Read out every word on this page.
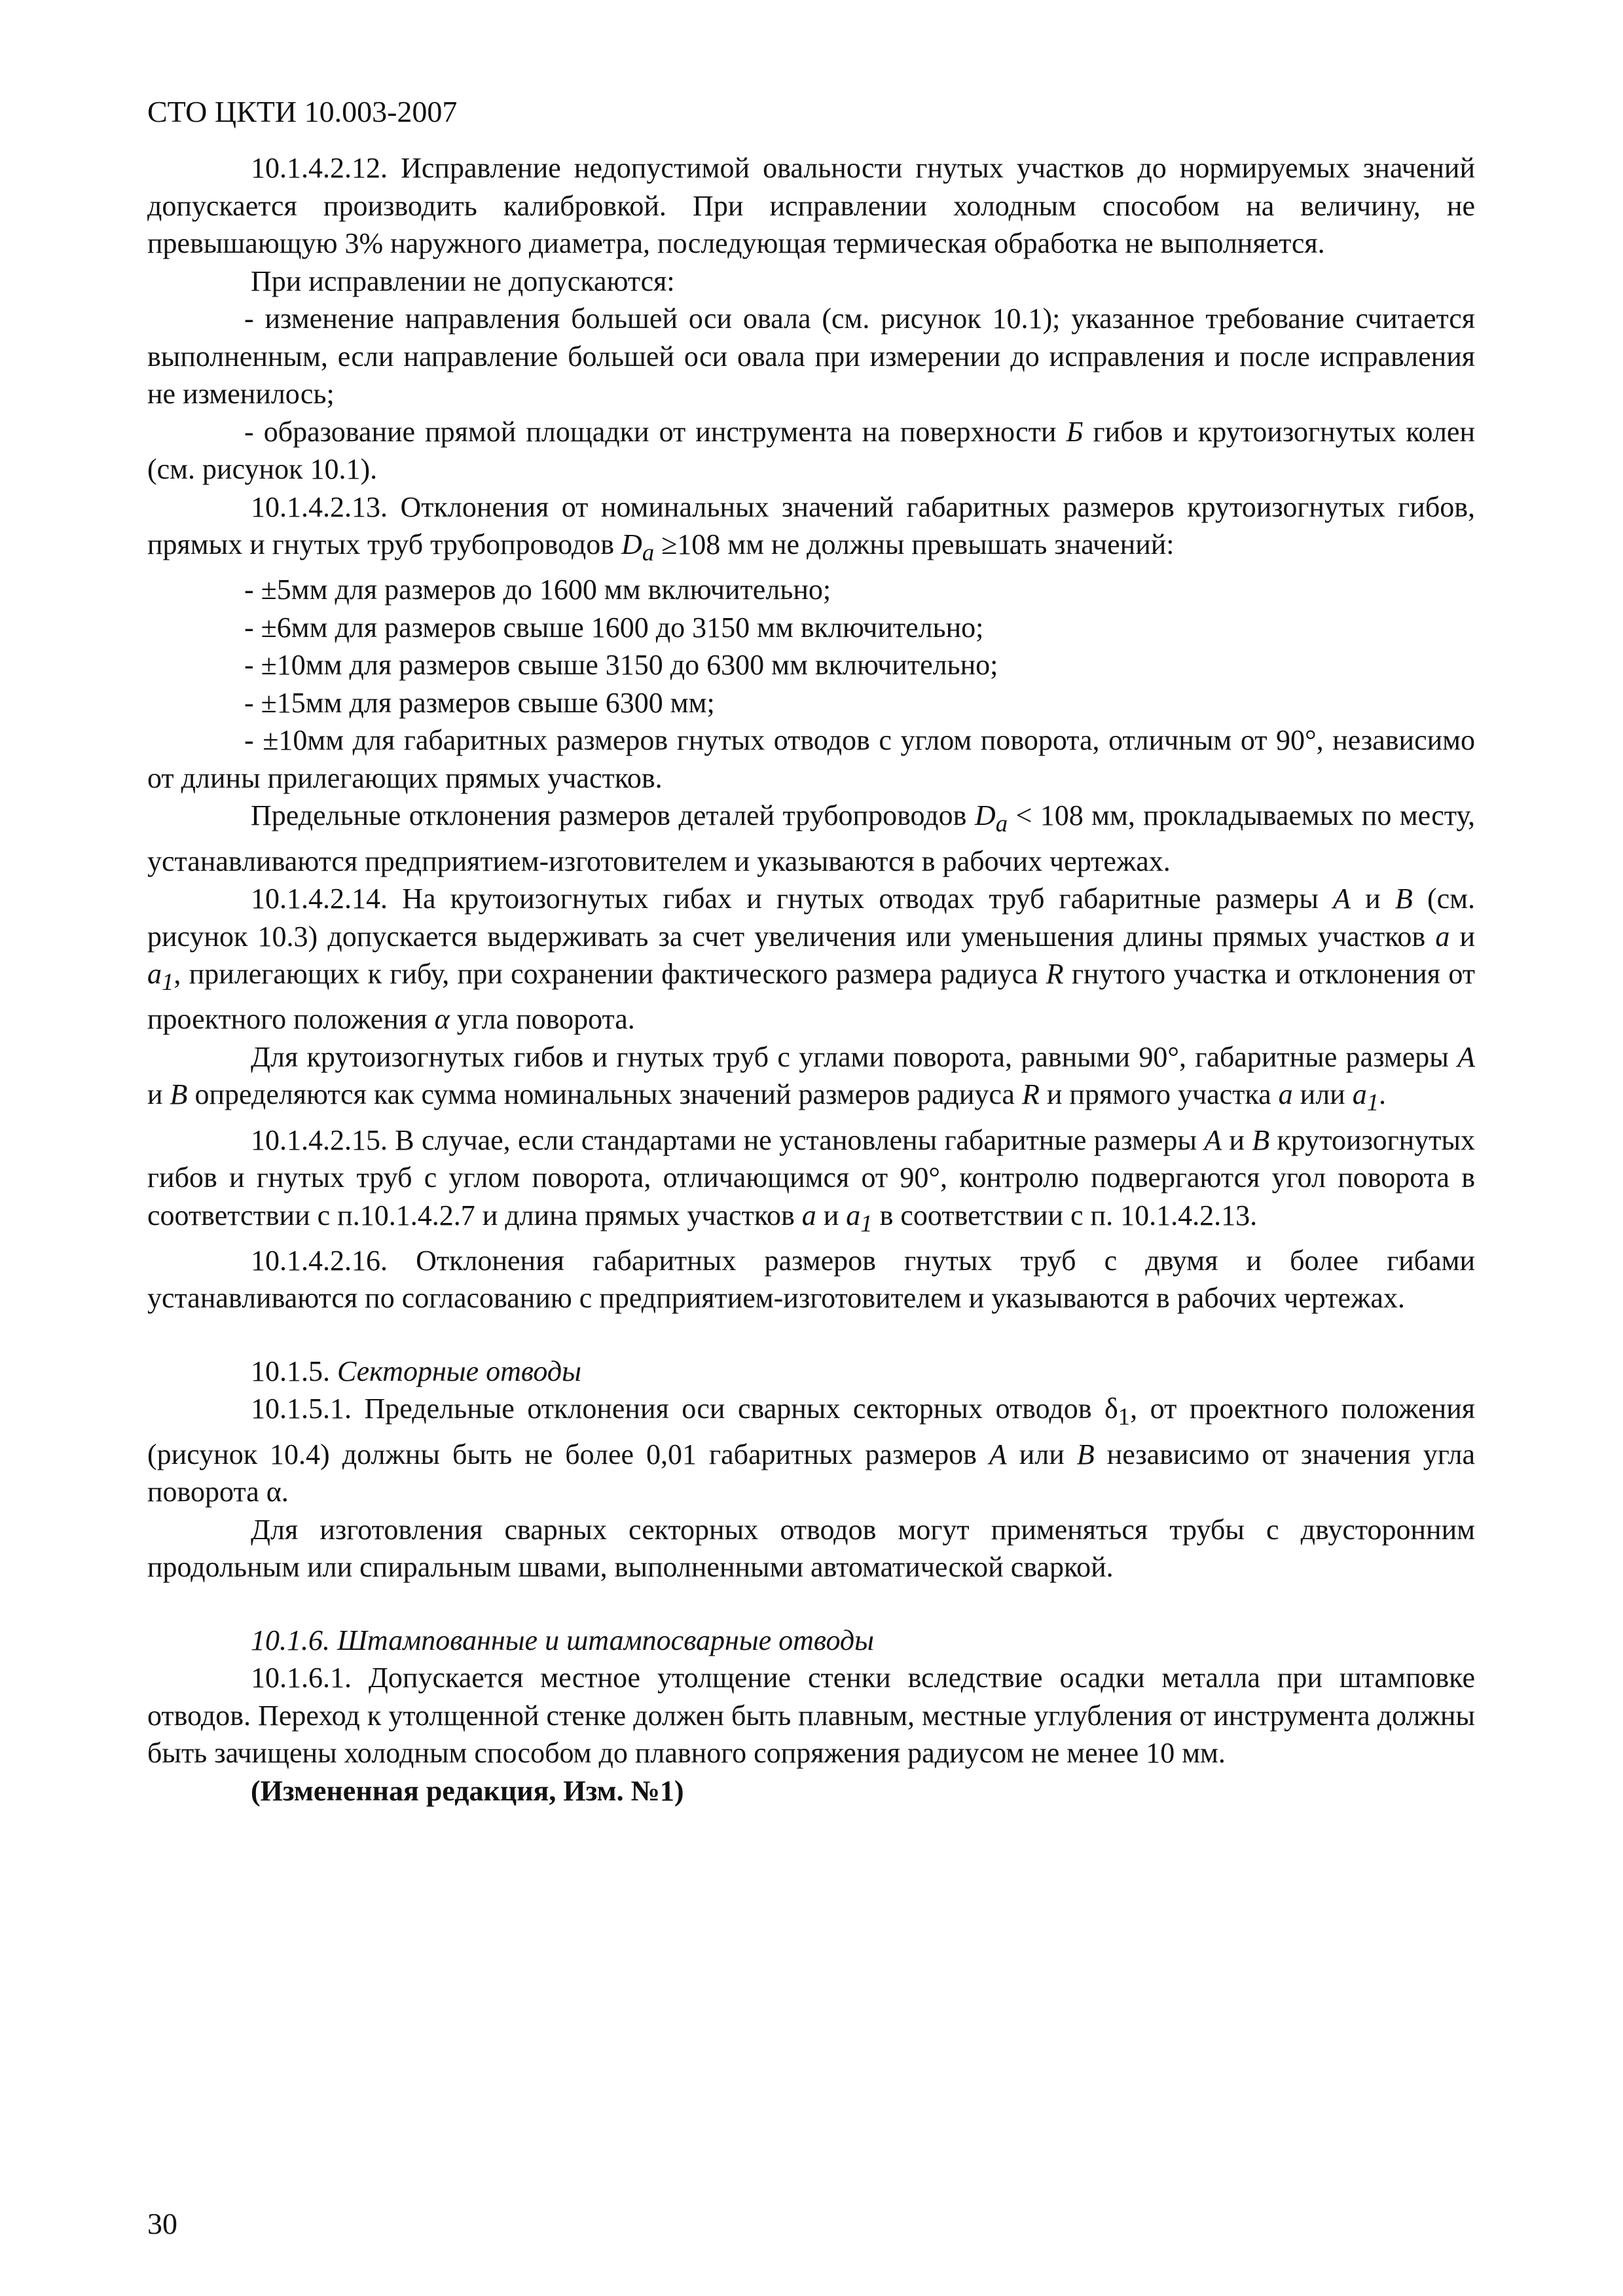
СТО ЦКТИ 10.003-2007

10.1.4.2.12. Исправление недопустимой овальности гнутых участков до нормируемых значений допускается производить калибровкой. При исправлении холодным способом на величину, не превышающую 3% наружного диаметра, последующая термическая обработка не выполняется.

При исправлении не допускаются:

- изменение направления большей оси овала (см. рисунок 10.1); указанное требование считается выполненным, если направление большей оси овала при измерении до исправления и после исправления не изменилось;

- образование прямой площадки от инструмента на поверхности Б гибов и крутоизогнутых колен (см. рисунок 10.1).

10.1.4.2.13. Отклонения от номинальных значений габаритных размеров крутоизогнутых гибов, прямых и гнутых труб трубопроводов $D_a \ge 108$ мм не должны превышать значений:

- ±5мм для размеров до 1600 мм включительно;

- ±6мм для размеров свыше 1600 до 3150 мм включительно;

- ±10мм для размеров свыше 3150 до 6300 мм включительно;

- ±15мм для размеров свыше 6300 мм;

- ±10мм для габаритных размеров гнутых отводов с углом поворота, отличным от 90°, независимо от длины прилегающих прямых участков.

Предельные отклонения размеров деталей трубопроводов $D_a < 108$ мм, прокладываемых по месту, устанавливаются предприятием-изготовителем и указываются в рабочих чертежах.

10.1.4.2.14. На крутоизогнутых гибах и гнутых отводах труб габаритные размеры А и В (см. рисунок 10.3) допускается выдерживать за счет увеличения или уменьшения длины прямых участков а и $а_1$, прилегающих к гибу, при сохранении фактического размера радиуса R гнутого участка и отклонения от проектного положения α угла поворота.

Для крутоизогнутых гибов и гнутых труб с углами поворота, равными 90°, габаритные размеры А и В определяются как сумма номинальных значений размеров радиуса R и прямого участка а или $а_1$.

10.1.4.2.15. В случае, если стандартами не установлены габаритные размеры А и В крутоизогнутых гибов и гнутых труб с углом поворота, отличающимся от 90°, контролю подвергаются угол поворота в соответствии с п.10.1.4.2.7 и длина прямых участков а и $а_1$ в соответствии с п. 10.1.4.2.13.

10.1.4.2.16. Отклонения габаритных размеров гнутых труб с двумя и более гибами устанавливаются по согласованию с предприятием-изготовителем и указываются в рабочих чертежах.

10.1.5. Секторные отводы

10.1.5.1. Предельные отклонения оси сварных секторных отводов $\delta_1$, от проектного положения (рисунок 10.4) должны быть не более 0,01 габаритных размеров А или В независимо от значения угла поворота α.

Для изготовления сварных секторных отводов могут применяться трубы с двусторонним продольным или спиральным швами, выполненными автоматической сваркой.

10.1.6. Штампованные и штампосварные отводы

10.1.6.1. Допускается местное утолщение стенки вследствие осадки металла при штамповке отводов. Переход к утолщенной стенке должен быть плавным, местные углубления от инструмента должны быть зачищены холодным способом до плавного сопряжения радиусом не менее 10 мм.

(Измененная редакция, Изм. №1)

30
